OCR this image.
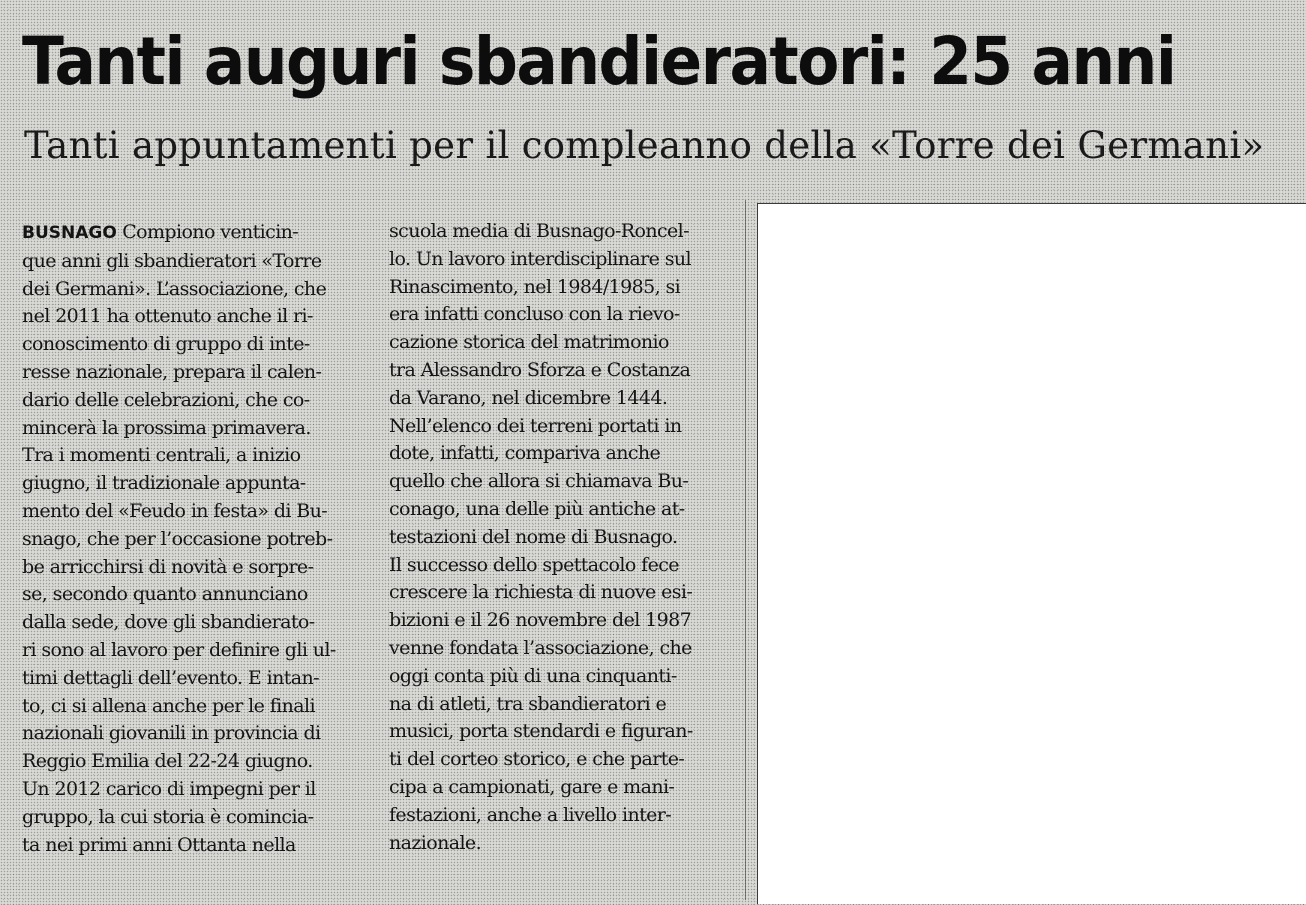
Tanti auguri sbandieratori: 25 anni
Tanti appuntamenti per il compleanno della «Torre dei Germani»
BUSNAGO Compiono venticin-
que anni gli sbandieratori «Torre
dei Germani». L’associazione, che
nel 2011 ha ottenuto anche il ri-
conoscimento di gruppo di inte-
resse nazionale, prepara il calen-
dario delle celebrazioni, che co-
mincerà la prossima primavera.
Tra i momenti centrali, a inizio
giugno, il tradizionale appunta-
mento del «Feudo in festa» di Bu-
snago, che per l’occasione potreb-
be arricchirsi di novità e sorpre-
se, secondo quanto annunciano
dalla sede, dove gli sbandierato-
ri sono al lavoro per definire gli ul-
timi dettagli dell’evento. E intan-
to, ci si allena anche per le finali
nazionali giovanili in provincia di
Reggio Emilia del 22-24 giugno.
Un 2012 carico di impegni per il
gruppo, la cui storia è comincia-
ta nei primi anni Ottanta nella
scuola media di Busnago-Roncel-
lo. Un lavoro interdisciplinare sul
Rinascimento, nel 1984/1985, si
era infatti concluso con la rievo-
cazione storica del matrimonio
tra Alessandro Sforza e Costanza
da Varano, nel dicembre 1444.
Nell’elenco dei terreni portati in
dote, infatti, compariva anche
quello che allora si chiamava Bu-
conago, una delle più antiche at-
testazioni del nome di Busnago.
Il successo dello spettacolo fece
crescere la richiesta di nuove esi-
bizioni e il 26 novembre del 1987
venne fondata l’associazione, che
oggi conta più di una cinquanti-
na di atleti, tra sbandieratori e
musici, porta stendardi e figuran-
ti del corteo storico, e che parte-
cipa a campionati, gare e mani-
festazioni, anche a livello inter-
nazionale.
